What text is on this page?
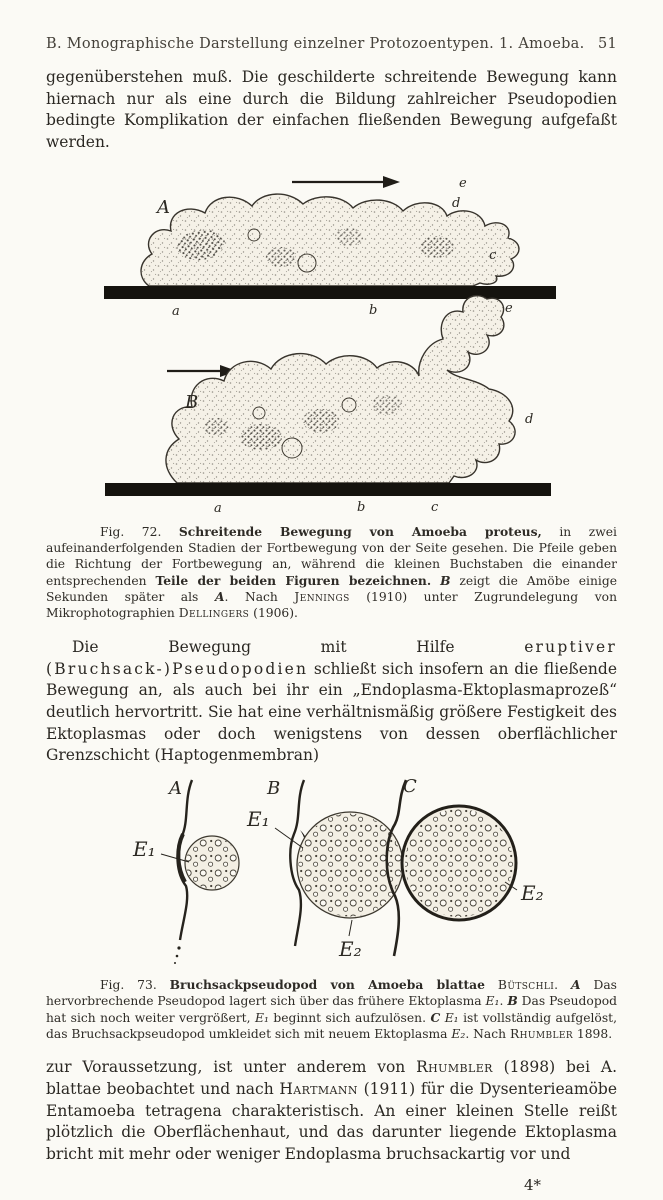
B. Monographische Darstellung einzelner Protozoentypen. 1. Amoeba. 51

gegenüberstehen muß. Die geschilderte schreitende Bewegung kann hiernach nur als eine durch die Bildung zahlreicher Pseudopodien bedingte Komplikation der einfachen fließenden Bewegung aufgefaßt werden.

A
e
d
c
a	b
B
e
d
a	b	c

Fig. 72. Schreitende Bewegung von Amoeba proteus, in zwei aufeinanderfolgenden Stadien der Fortbewegung von der Seite gesehen. Die Pfeile geben die Richtung der Fortbewegung an, während die kleinen Buchstaben die einander entsprechenden Teile der beiden Figuren bezeichnen. B zeigt die Amöbe einige Sekunden später als A. Nach Jennings (1910) unter Zugrundelegung von Mikrophotographien Dellingers (1906).

Die Bewegung mit Hilfe eruptiver (Bruchsack-)Pseudopodien schließt sich insofern an die fließende Bewegung an, als auch bei ihr ein „Endoplasma-Ektoplasmaprozeß“ deutlich hervortritt. Sie hat eine verhältnismäßig größere Festigkeit des Ektoplasmas oder doch wenigstens von dessen oberflächlicher Grenzschicht (Haptogenmembran)

A
E₁
B
E₁
E₂
C
E₂

Fig. 73. Bruchsackpseudopod von Amoeba blattae Bütschli. A Das hervorbrechende Pseudopod lagert sich über das frühere Ektoplasma E₁. B Das Pseudopod hat sich noch weiter vergrößert, E₁ beginnt sich aufzulösen. C E₁ ist vollständig aufgelöst, das Bruchsackpseudopod umkleidet sich mit neuem Ektoplasma E₂. Nach Rhumbler 1898.

zur Voraussetzung, ist unter anderem von Rhumbler (1898) bei A. blattae beobachtet und nach Hartmann (1911) für die Dysenterieamöbe Entamoeba tetragena charakteristisch. An einer kleinen Stelle reißt plötzlich die Oberflächenhaut, und das darunter liegende Ektoplasma bricht mit mehr oder weniger Endoplasma bruchsackartig vor und

4*
